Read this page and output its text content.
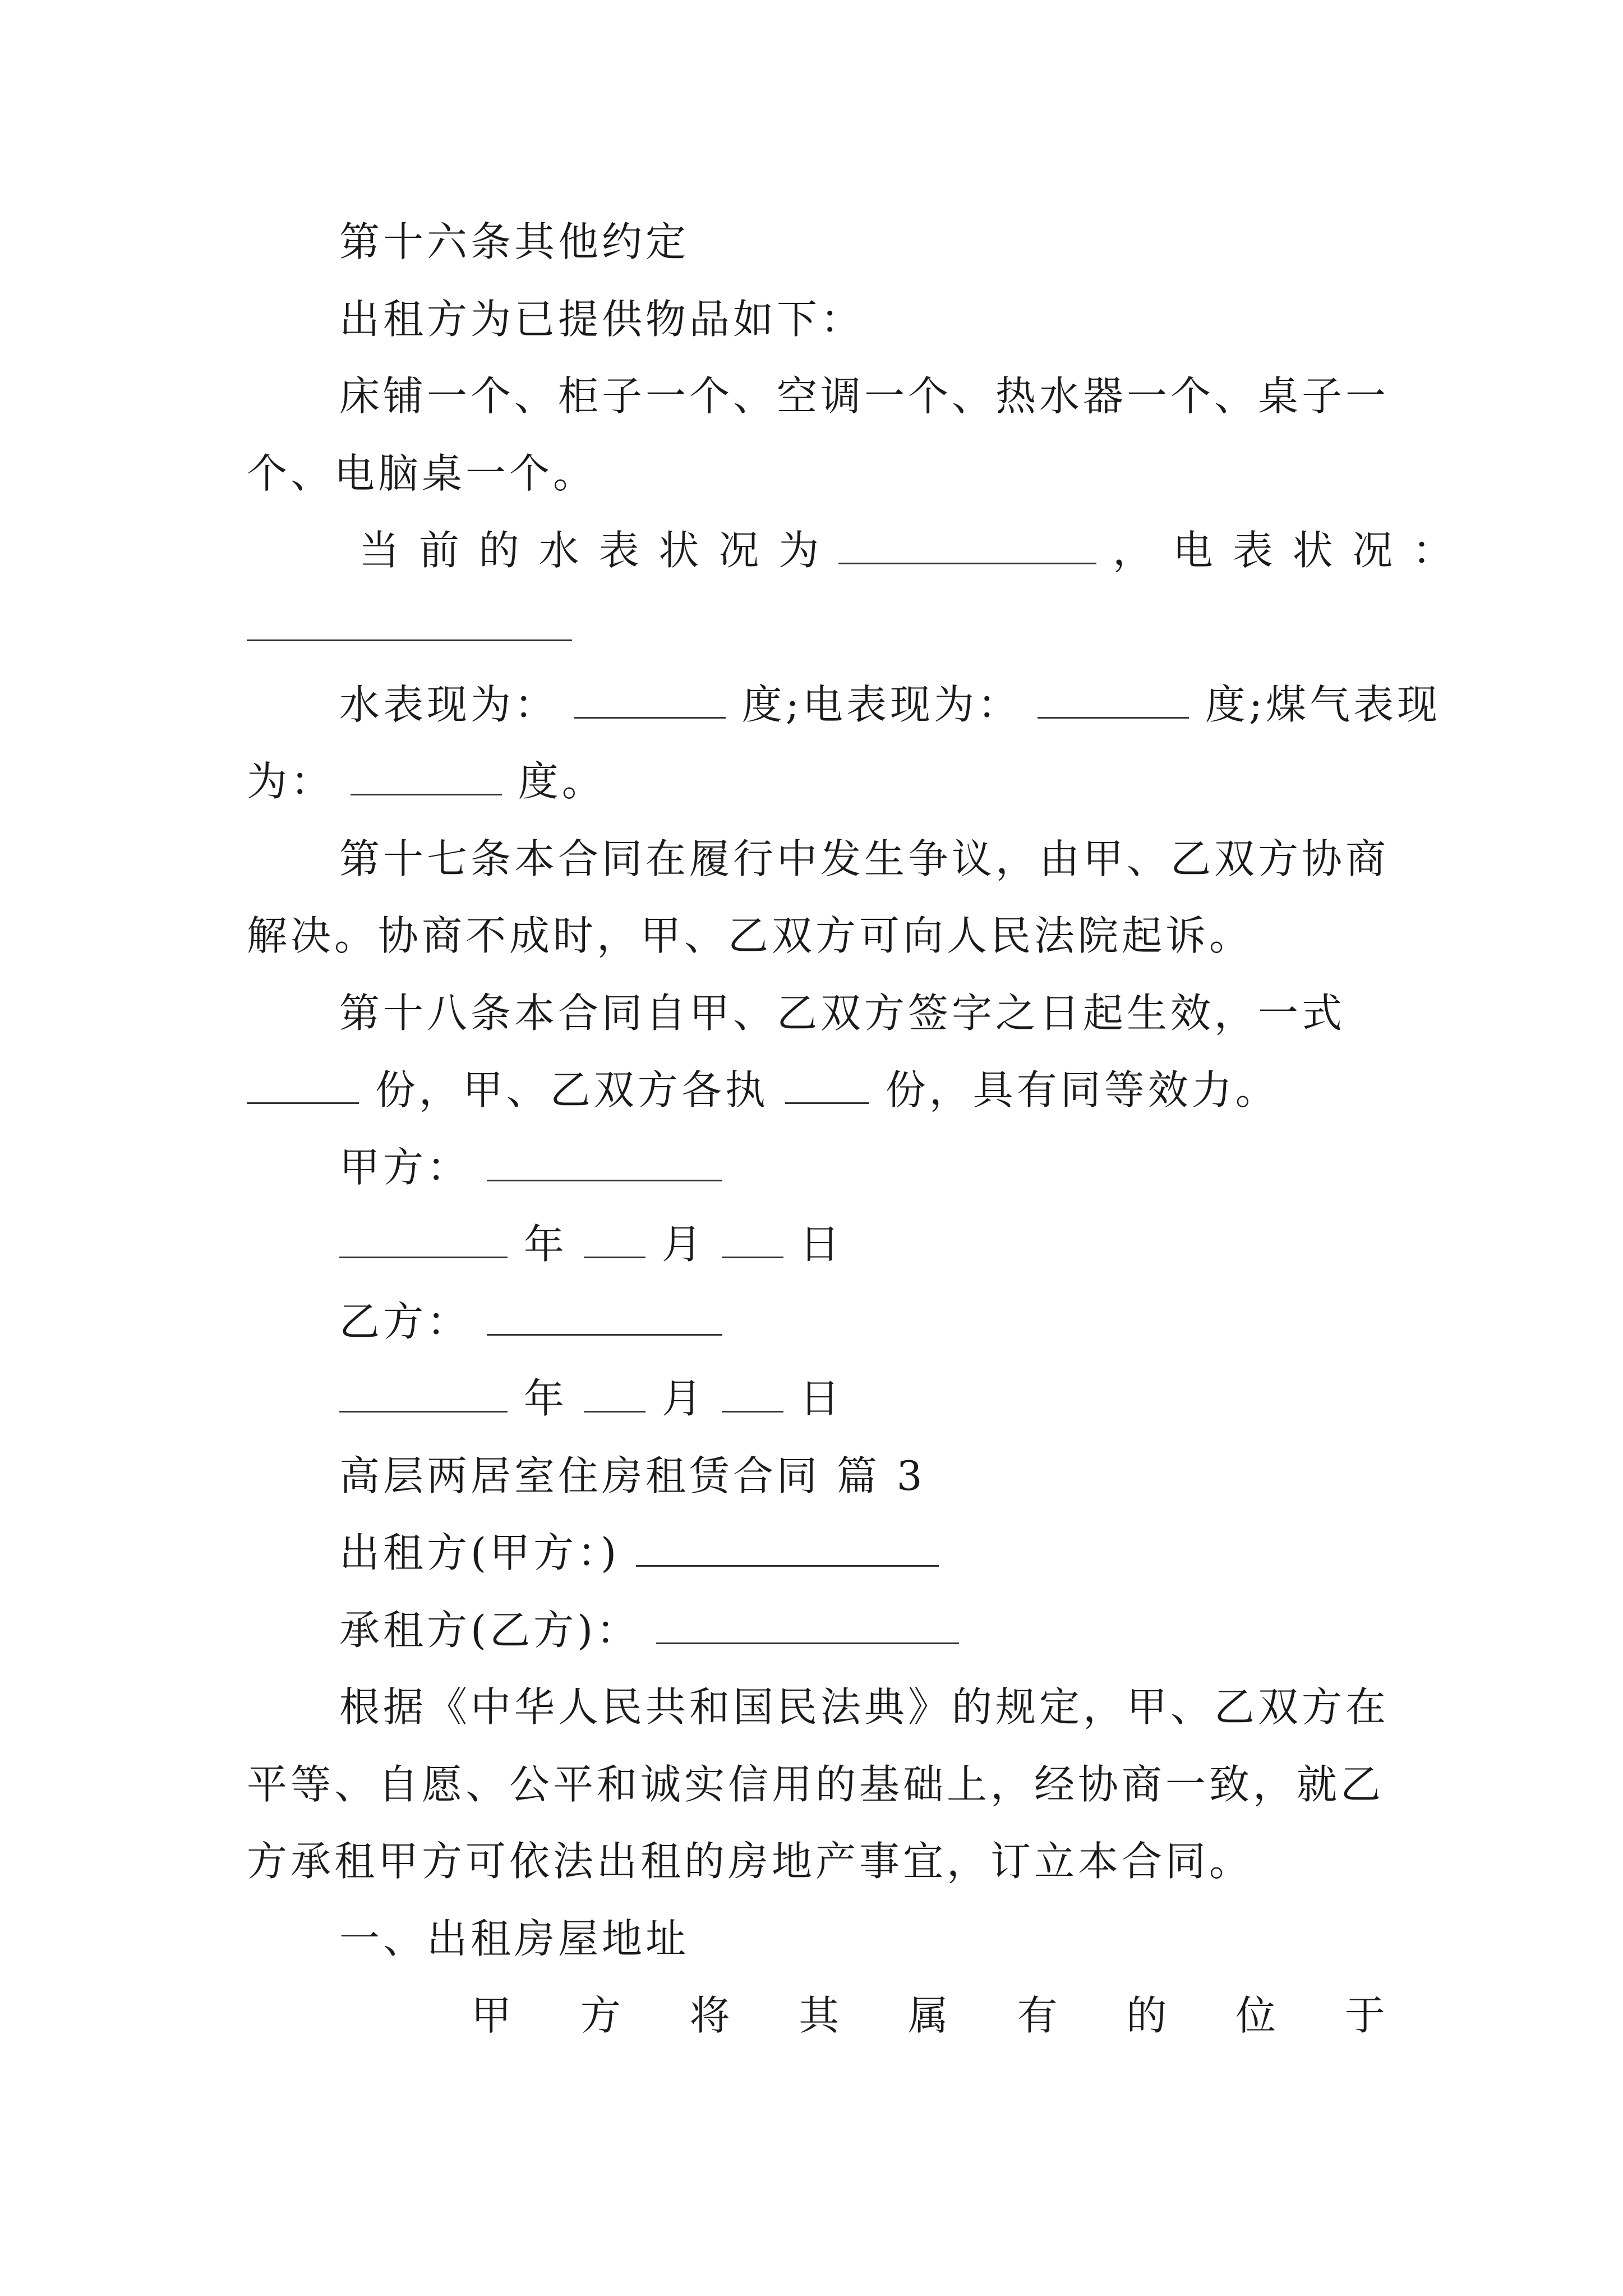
第十六条其他约定
出租方为已提供物品如下：
床铺一个、柜子一个、空调一个、热水器一个、桌子一
个、电脑桌一个。
当 前 的 水 表 状 况 为	， 电 表 状 况 ：
水表现为：	度;电表现为：	度;煤气表现
为：	度。
第十七条本合同在履行中发生争议，由甲、乙双方协商
解决。协商不成时，甲、乙双方可向人民法院起诉。
第十八条本合同自甲、乙双方签字之日起生效，一式
份，甲、乙双方各执	份，具有同等效力。
甲方：
年 月 日
乙方：
年 月 日
高层两居室住房租赁合同 篇 3
出租方(甲方：)
承租方(乙方)：
根据《中华人民共和国民法典》的规定，甲、乙双方在
平等、自愿、公平和诚实信用的基础上，经协商一致，就乙
方承租甲方可依法出租的房地产事宜，订立本合同。
一、出租房屋地址
甲 方 将 其 属 有 的 位 于
